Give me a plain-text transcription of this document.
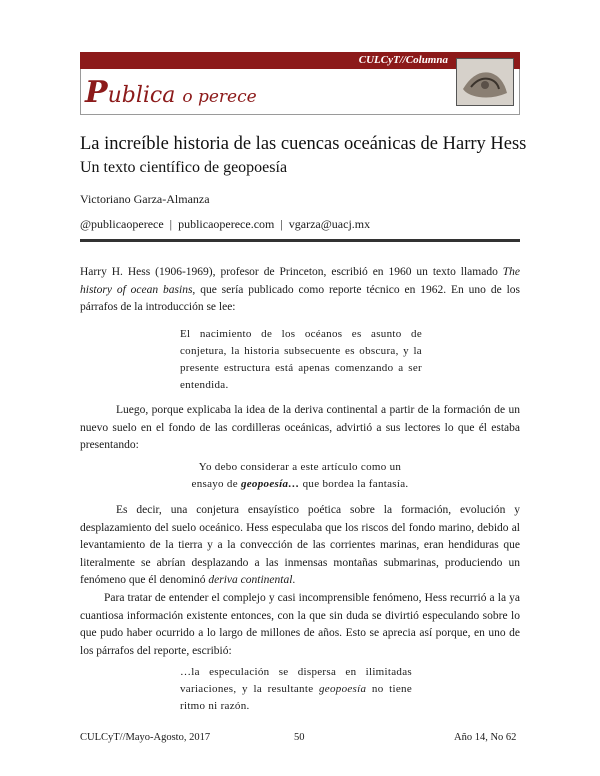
CULCyT//Columna
Publica o perece
La increíble historia de las cuencas oceánicas de Harry Hess
Un texto científico de geopoesía
Victoriano Garza-Almanza
@publicaoperece | publicaoperece.com | vgarza@uacj.mx
Harry H. Hess (1906-1969), profesor de Princeton, escribió en 1960 un texto llamado The history of ocean basins, que sería publicado como reporte técnico en 1962. En uno de los párrafos de la introducción se lee:
El nacimiento de los océanos es asunto de conjetura, la historia subsecuente es obscura, y la presente estructura está apenas comenzando a ser entendida.
Luego, porque explicaba la idea de la deriva continental a partir de la formación de un nuevo suelo en el fondo de las cordilleras oceánicas, advirtió a sus lectores lo que él estaba presentando:
Yo debo considerar a este artículo como un
ensayo de geopoesía… que bordea la fantasía.
Es decir, una conjetura ensayístico poética sobre la formación, evolución y desplazamiento del suelo oceánico. Hess especulaba que los riscos del fondo marino, debido al levantamiento de la tierra y a la convección de las corrientes marinas, eran hendiduras que literalmente se abrían desplazando a las inmensas montañas submarinas, produciendo un fenómeno que él denominó deriva continental.
Para tratar de entender el complejo y casi incomprensible fenómeno, Hess recurrió a la ya cuantiosa información existente entonces, con la que sin duda se divirtió especulando sobre lo que pudo haber ocurrido a lo largo de millones de años. Esto se aprecia así porque, en uno de los párrafos del reporte, escribió:
…la especulación se dispersa en ilimitadas variaciones, y la resultante geopoesía no tiene ritmo ni razón.
CULCyT//Mayo-Agosto, 2017	50	Año 14, No 62
